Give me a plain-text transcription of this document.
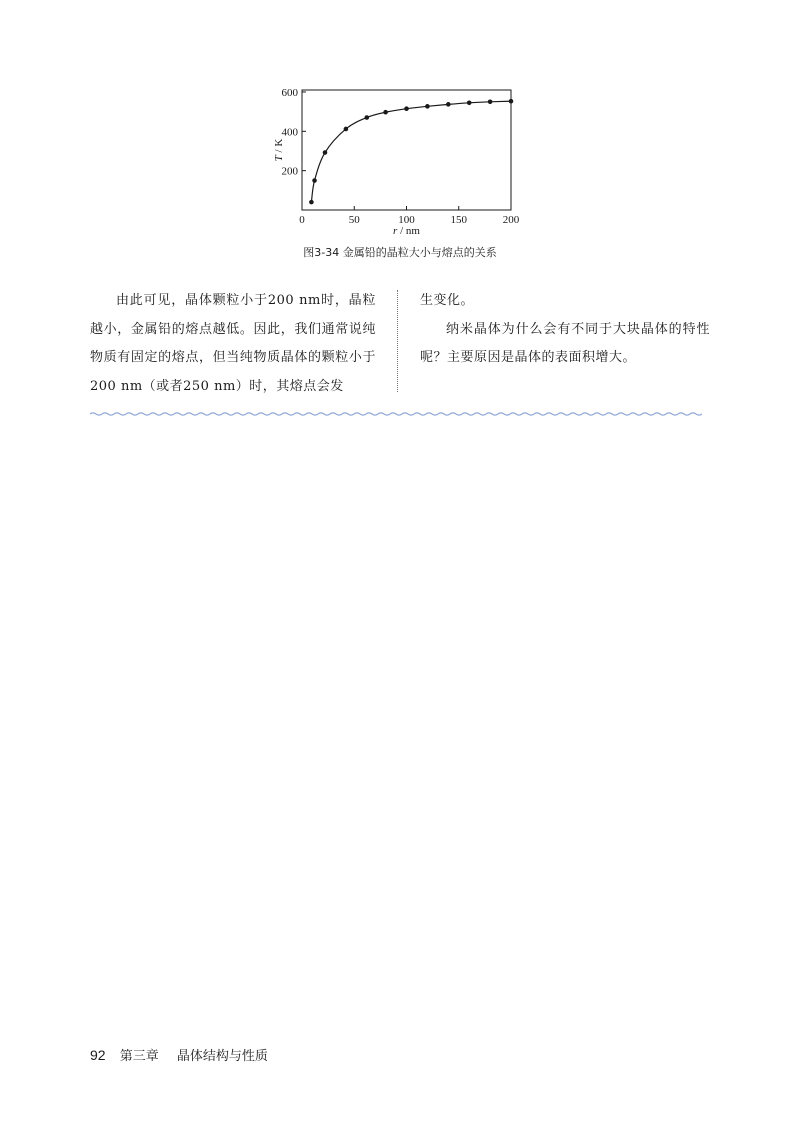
0	50	100	150	200
200
400
600
r / nm
T / K
图3-34 金属铅的晶粒大小与熔点的关系

由此可见，晶体颗粒小于200 nm时，晶粒越小，金属铅的熔点越低。因此，我们通常说纯物质有固定的熔点，但当纯物质晶体的颗粒小于200 nm（或者250 nm）时，其熔点会发

生变化。

纳米晶体为什么会有不同于大块晶体的特性呢？主要原因是晶体的表面积增大。

92 第三章 晶体结构与性质
